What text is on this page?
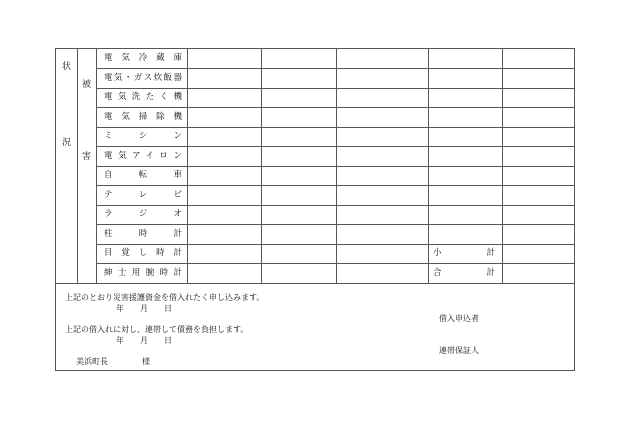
状
況
被
害
電気冷蔵庫
電気・ガス炊飯器
電気洗たく機
電気掃除機
ミシン
電気アイロン
自転車
テレビ
ラジオ
柱時計
目覚し時計
紳士用腕時計
小計
合計
上記のとおり災害援護資金を借入れたく申し込みます。
年　　月　　日
借入申込者
上記の借入れに対し、連帯して債務を負担します。
年　　月　　日
連帯保証人
美浜町長	様
